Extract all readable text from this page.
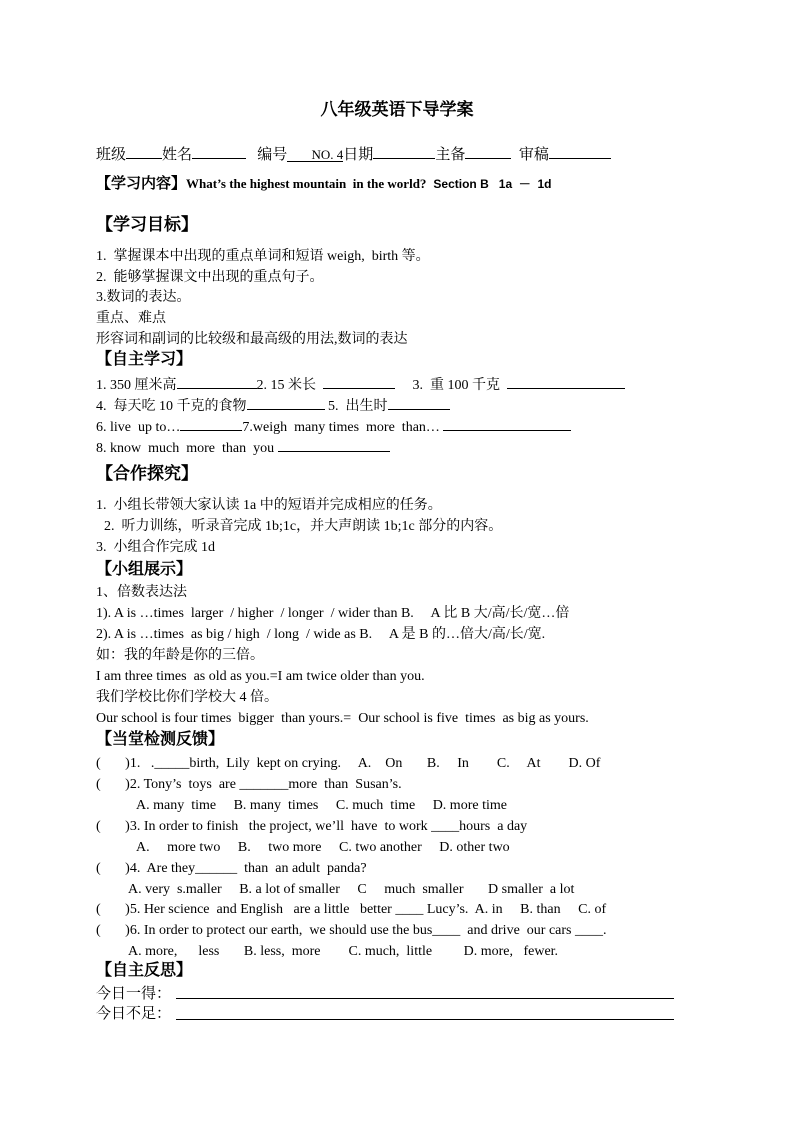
八年级英语下导学案
班级 姓名	编号 NO. 4日期	主备	审稿
【学习内容】What’s the highest mountain  in the world? Section B   1a  －  1d
【学习目标】
1.  掌握课本中出现的重点单词和短语 weigh,  birth 等。
2.  能够掌握课文中出现的重点句子。
3.数词的表达。
重点、难点
形容词和副词的比较级和最高级的用法,数词的表达
【自主学习】
1. 350 厘米高	2. 15 米长	3.  重 100 千克
4.  每天吃 10 千克的食物	5.  出生时
6. live  up to…	7.weigh  many times  more  than…
8. know  much  more  than  you
【合作探究】
1.  小组长带领大家认读 1a 中的短语并完成相应的任务。
2.  听力训练，听录音完成 1b;1c，并大声朗读 1b;1c 部分的内容。
3.  小组合作完成 1d
【小组展示】
1、倍数表达法
1). A is …times  larger  / higher  / longer  / wider than B.     A 比 B 大/高/长/宽…倍
2). A is …times  as big / high  / long  / wide as B.     A 是 B 的…倍大/高/长/宽.
如：我的年龄是你的三倍。
I am three times  as old as you.=I am twice older than you.
我们学校比你们学校大 4 倍。
Our school is four times  bigger  than yours.=  Our school is five  times  as big as yours.
【当堂检测反馈】
(       )1.   ._____birth,  Lily  kept on crying.     A.    On       B.     In        C.     At        D. Of
(       )2. Tony’s  toys  are _______more  than  Susan’s.
A. many  time     B. many  times     C. much  time     D. more time
(       )3. In order to finish   the project, we’ll  have  to work ____hours  a day
A.     more two     B.     two more     C. two another     D. other two
(       )4.  Are they______  than  an adult  panda?
A. very  s.maller     B. a lot of smaller     C     much  smaller       D smaller  a lot
(       )5. Her science  and English   are a little   better ____ Lucy’s.  A. in     B. than     C. of
(       )6. In order to protect our earth,  we should use the bus____  and drive  our cars ____.
A. more,      less       B. less,  more        C. much,  little         D. more,   fewer.
【自主反思】
今日一得：
今日不足：
